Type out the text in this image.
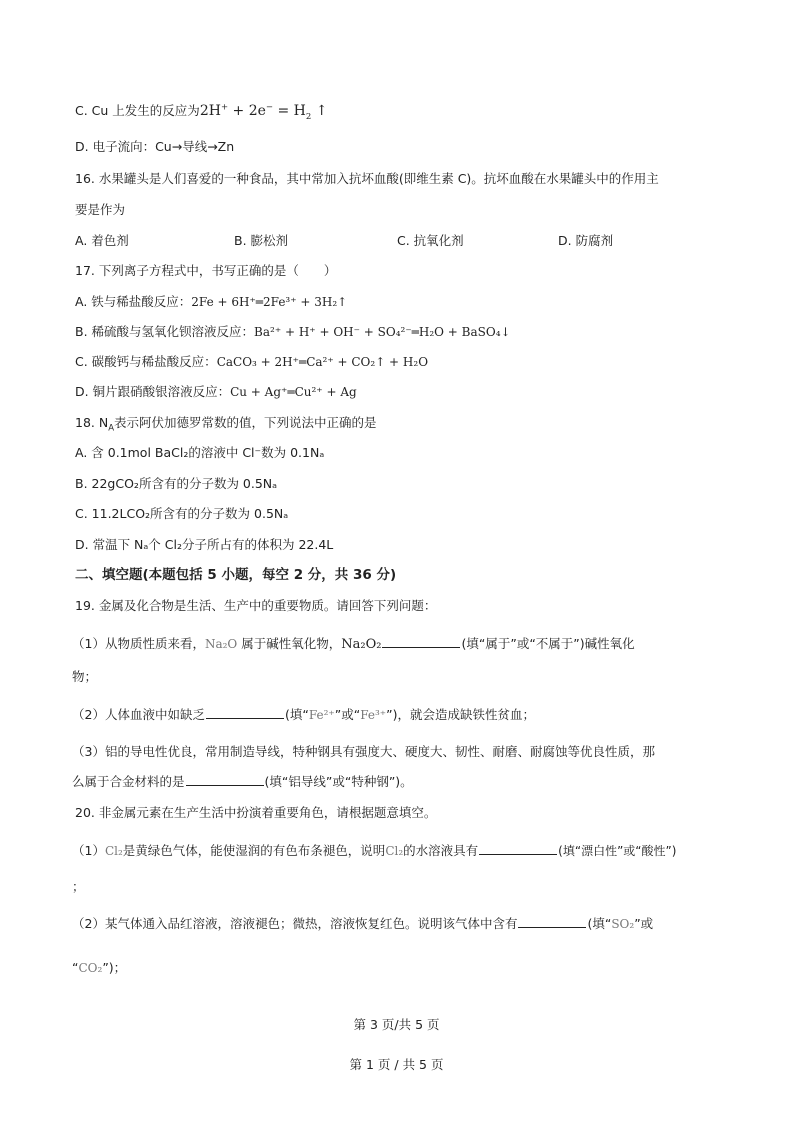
C. Cu 上发生的反应为$2H^+ + 2e^- = H_2$ ↑
D. 电子流向：Cu→导线→Zn
16. 水果罐头是人们喜爱的一种食品，其中常加入抗坏血酸(即维生素 C)。抗坏血酸在水果罐头中的作用主
要是作为
A. 着色剂	B. 膨松剂	C. 抗氧化剂	D. 防腐剂
17. 下列离子方程式中，书写正确的是（　　）
A. 铁与稀盐酸反应：2Fe + 6H⁺═2Fe³⁺ + 3H₂↑
B. 稀硫酸与氢氧化钡溶液反应：Ba²⁺ + H⁺ + OH⁻ + SO₄²⁻═H₂O + BaSO₄↓
C. 碳酸钙与稀盐酸反应：CaCO₃ + 2H⁺═Ca²⁺ + CO₂↑ + H₂O
D. 铜片跟硝酸银溶液反应：Cu + Ag⁺═Cu²⁺ + Ag
18. $N_A$表示阿伏加德罗常数的值，下列说法中正确的是
A. 含 0.1mol BaCl₂的溶液中 Cl⁻数为 0.1Nₐ
B. 22gCO₂所含有的分子数为 0.5Nₐ
C. 11.2LCO₂所含有的分子数为 0.5Nₐ
D. 常温下 Nₐ个 Cl₂分子所占有的体积为 22.4L
二、填空题(本题包括 5 小题，每空 2 分，共 36 分)
19. 金属及化合物是生活、生产中的重要物质。请回答下列问题：
（1）从物质性质来看，Na₂O 属于碱性氧化物，Na₂O₂	(填“属于”或“不属于”)碱性氧化
物；
（2）人体血液中如缺乏	(填“Fe²⁺”或“Fe³⁺”)，就会造成缺铁性贫血；
（3）铝的导电性优良，常用制造导线，特种钢具有强度大、硬度大、韧性、耐磨、耐腐蚀等优良性质，那
么属于合金材料的是	(填“铝导线”或“特种钢”)。
20. 非金属元素在生产生活中扮演着重要角色，请根据题意填空。
（1）Cl₂是黄绿色气体，能使湿润的有色布条褪色，说明Cl₂的水溶液具有	(填“漂白性”或“酸性”)
；
（2）某气体通入品红溶液，溶液褪色；微热，溶液恢复红色。说明该气体中含有	(填“SO₂”或
“CO₂”)；
第 3 页/共 5 页
第 1 页 / 共 5 页
